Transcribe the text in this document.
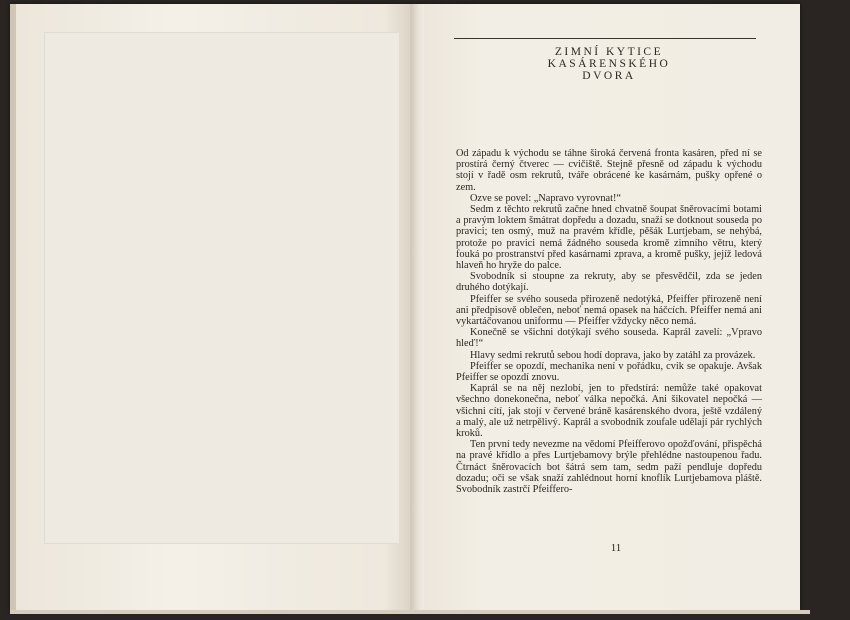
ZIMNÍ KYTICE
KASÁRENSKÉHO
DVORA

Od západu k východu se táhne široká červená fronta kasáren, před ní se prostírá černý čtverec — cvičiště. Stejně přesně od západu k východu stojí v řadě osm rekrutů, tváře obrácené ke kasárnám, pušky opřené o zem.

Ozve se povel: „Napravo vyrovnat!“

Sedm z těchto rekrutů začne hned chvatně šoupat šněrovacími botami a pravým loktem šmátrat dopředu a dozadu, snaží se dotknout souseda po pravici; ten osmý, muž na pravém křídle, pěšák Lurtjebam, se nehýbá, protože po pravici nemá žádného souseda kromě zimního větru, který fouká po prostranství před kasárnami zprava, a kromě pušky, jejíž ledová hlaveň ho hryže do palce.

Svobodník si stoupne za rekruty, aby se přesvědčil, zda se jeden druhého dotýkají.

Pfeiffer se svého souseda přirozeně nedotýká, Pfeiffer přirozeně není ani předpisově oblečen, neboť nemá opasek na háčcích. Pfeiffer nemá ani vykartáčovanou uniformu — Pfeiffer vždycky něco nemá.

Konečně se všichni dotýkají svého souseda. Kaprál zavelí: „Vpravo hleď!“

Hlavy sedmi rekrutů sebou hodí doprava, jako by zatáhl za provázek.

Pfeiffer se opozdí, mechanika není v pořádku, cvik se opakuje. Avšak Pfeiffer se opozdí znovu.

Kaprál se na něj nezlobí, jen to předstírá: nemůže také opakovat všechno donekonečna, neboť válka nepočká. Ani šikovatel nepočká — všichni cítí, jak stojí v červené bráně kasárenského dvora, ještě vzdálený a malý, ale už netrpělivý. Kaprál a svobodník zoufale udělají pár rychlých kroků.

Ten první tedy nevezme na vědomí Pfeifferovo opožďování, přispěchá na pravé křídlo a přes Lurtjebamovy brýle přehlédne nastoupenou řadu. Čtrnáct šněrovacích bot šátrá sem tam, sedm paží pendluje dopředu dozadu; oči se však snaží zahlédnout horní knoflík Lurtjebamova pláště. Svobodník zastrčí Pfeiffero-

11
